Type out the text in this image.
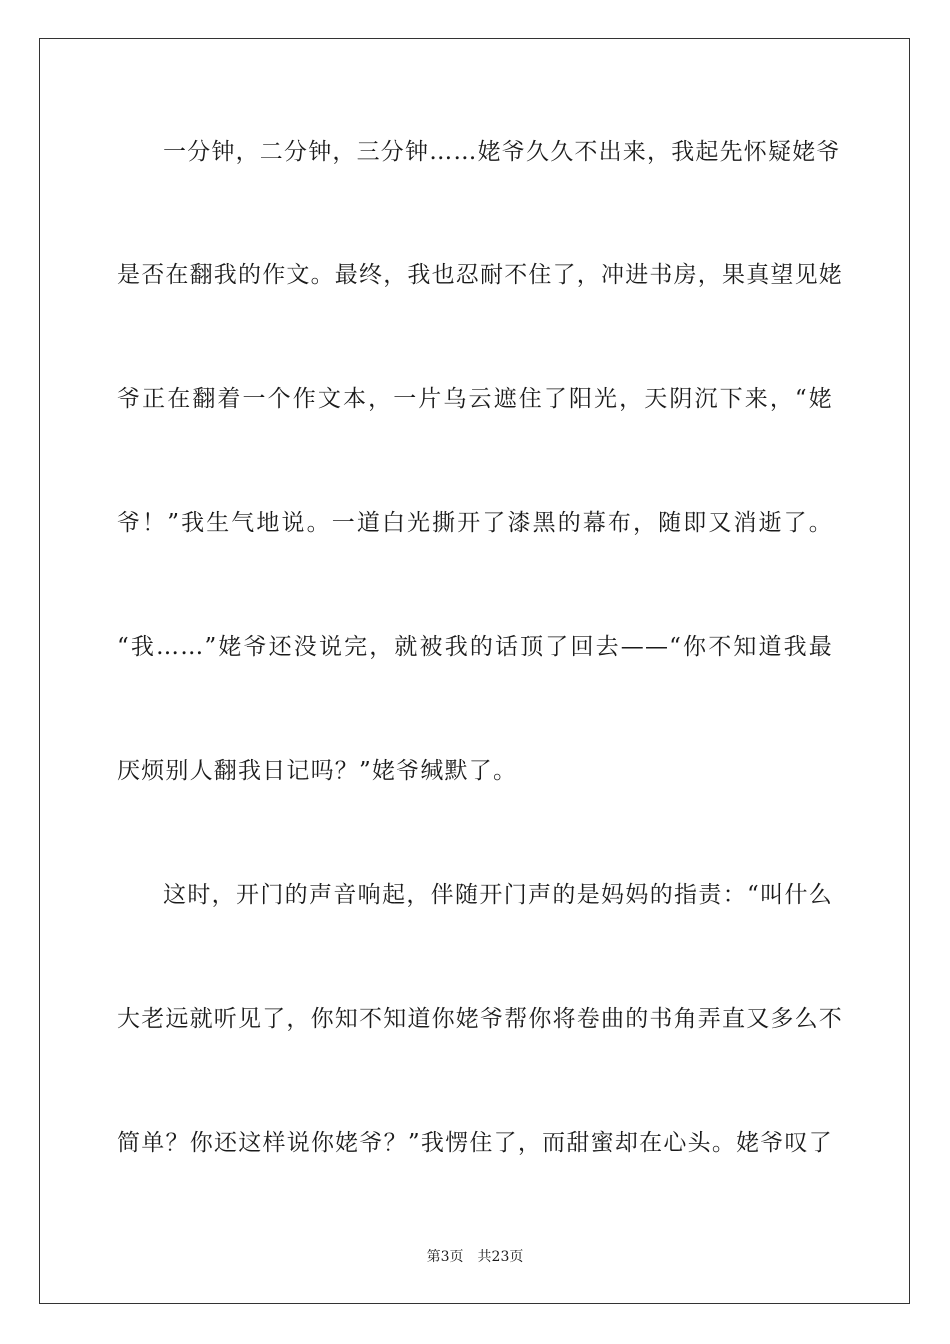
一分钟，二分钟，三分钟……姥爷久久不出来，我起先怀疑姥爷
是否在翻我的作文。最终，我也忍耐不住了，冲进书房，果真望见姥
爷正在翻着一个作文本，一片乌云遮住了阳光，天阴沉下来，“姥
爷！”我生气地说。一道白光撕开了漆黑的幕布，随即又消逝了。
“我……”姥爷还没说完，就被我的话顶了回去——“你不知道我最
厌烦别人翻我日记吗？”姥爷缄默了。
这时，开门的声音响起，伴随开门声的是妈妈的指责：“叫什么
大老远就听见了，你知不知道你姥爷帮你将卷曲的书角弄直又多么不
简单？你还这样说你姥爷？”我愣住了，而甜蜜却在心头。姥爷叹了
第3页 共23页
